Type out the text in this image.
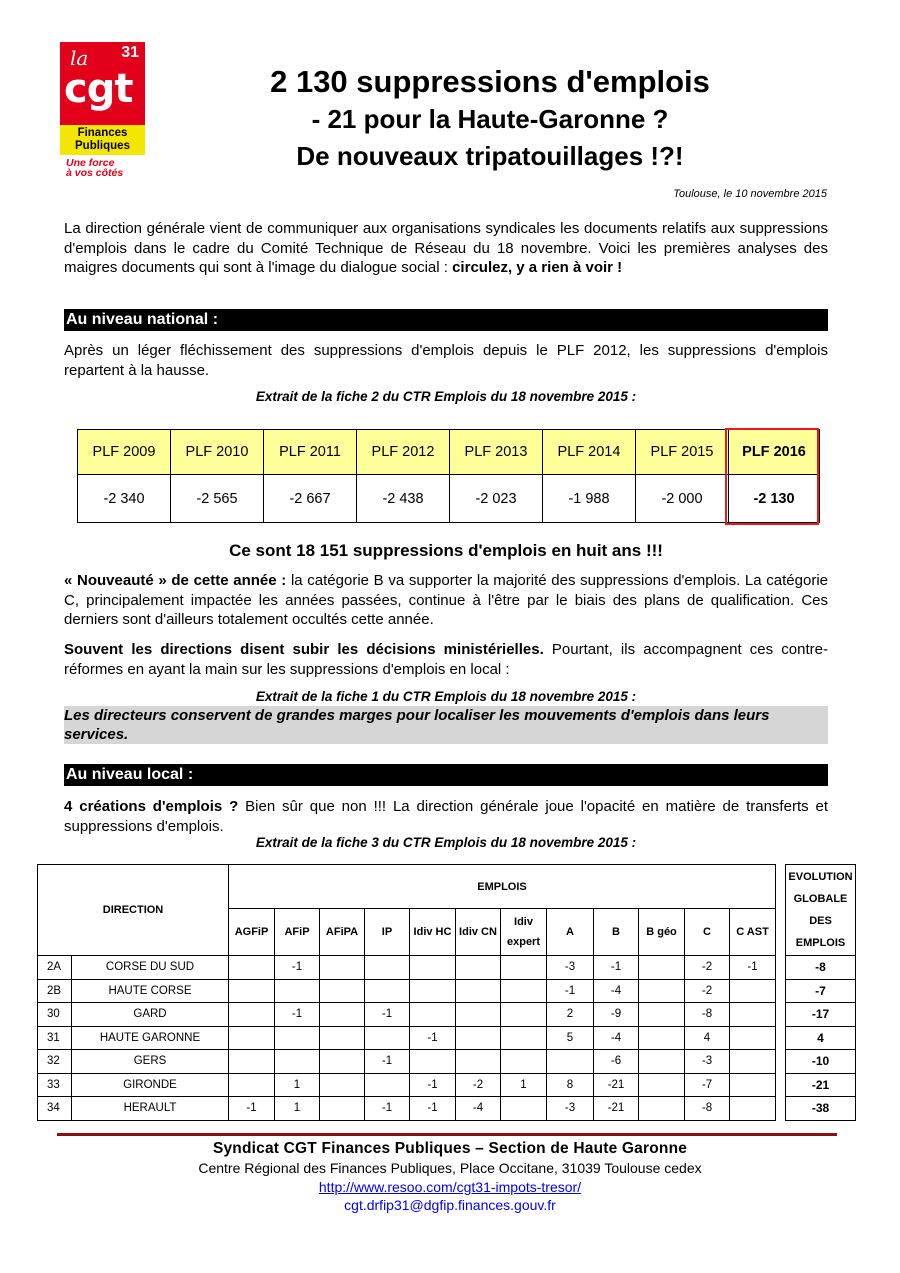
la 31
cgt
Finances
Publiques
Une force
à vos côtés
2 130 suppressions d'emplois
- 21 pour la Haute-Garonne ?
De nouveaux tripatouillages !?!
Toulouse, le 10 novembre 2015
La direction générale vient de communiquer aux organisations syndicales les documents relatifs aux suppressions d'emplois dans le cadre du Comité Technique de Réseau du 18 novembre. Voici les premières analyses des maigres documents qui sont à l'image du dialogue social : circulez, y a rien à voir !
Au niveau national :
Après un léger fléchissement des suppressions d'emplois depuis le PLF 2012, les suppressions d'emplois repartent à la hausse.
Extrait de la fiche 2 du CTR Emplois du 18 novembre 2015 :
PLF 2009	PLF 2010	PLF 2011	PLF 2012	PLF 2013	PLF 2014	PLF 2015	PLF 2016
-2 340	-2 565	-2 667	-2 438	-2 023	-1 988	-2 000	-2 130
Ce sont 18 151 suppressions d'emplois en huit ans !!!
« Nouveauté » de cette année : la catégorie B va supporter la majorité des suppressions d'emplois. La catégorie C, principalement impactée les années passées, continue à l'être par le biais des plans de qualification. Ces derniers sont d'ailleurs totalement occultés cette année.
Souvent les directions disent subir les décisions ministérielles. Pourtant, ils accompagnent ces contre-réformes en ayant la main sur les suppressions d'emplois en local :
Extrait de la fiche 1 du CTR Emplois du 18 novembre 2015 :
Les directeurs conservent de grandes marges pour localiser les mouvements d'emplois dans leurs services.
Au niveau local :
4 créations d'emplois ? Bien sûr que non !!! La direction générale joue l'opacité en matière de transferts et suppressions d'emplois.
Extrait de la fiche 3 du CTR Emplois du 18 novembre 2015 :
DIRECTION		EMPLOIS													EVOLUTION
GLOBALE
DES
EMPLOIS
		AGFiP	AFiP	AFiPA	IP	Idiv HC	Idiv CN	Idiv expert	A	B	B géo	C	C AST		
2A	CORSE DU SUD		-1						-3	-1		-2	-1		-8
2B	HAUTE CORSE								-1	-4		-2			-7
30	GARD		-1		-1				2	-9		-8			-17
31	HAUTE GARONNE					-1			5	-4		4			4
32	GERS				-1					-6		-3			-10
33	GIRONDE		1			-1	-2	1	8	-21		-7			-21
34	HERAULT	-1	1		-1	-1	-4		-3	-21		-8			-38
Syndicat CGT Finances Publiques – Section de Haute Garonne
Centre Régional des Finances Publiques, Place Occitane, 31039 Toulouse cedex
http://www.resoo.com/cgt31-impots-tresor/
cgt.drfip31@dgfip.finances.gouv.fr
